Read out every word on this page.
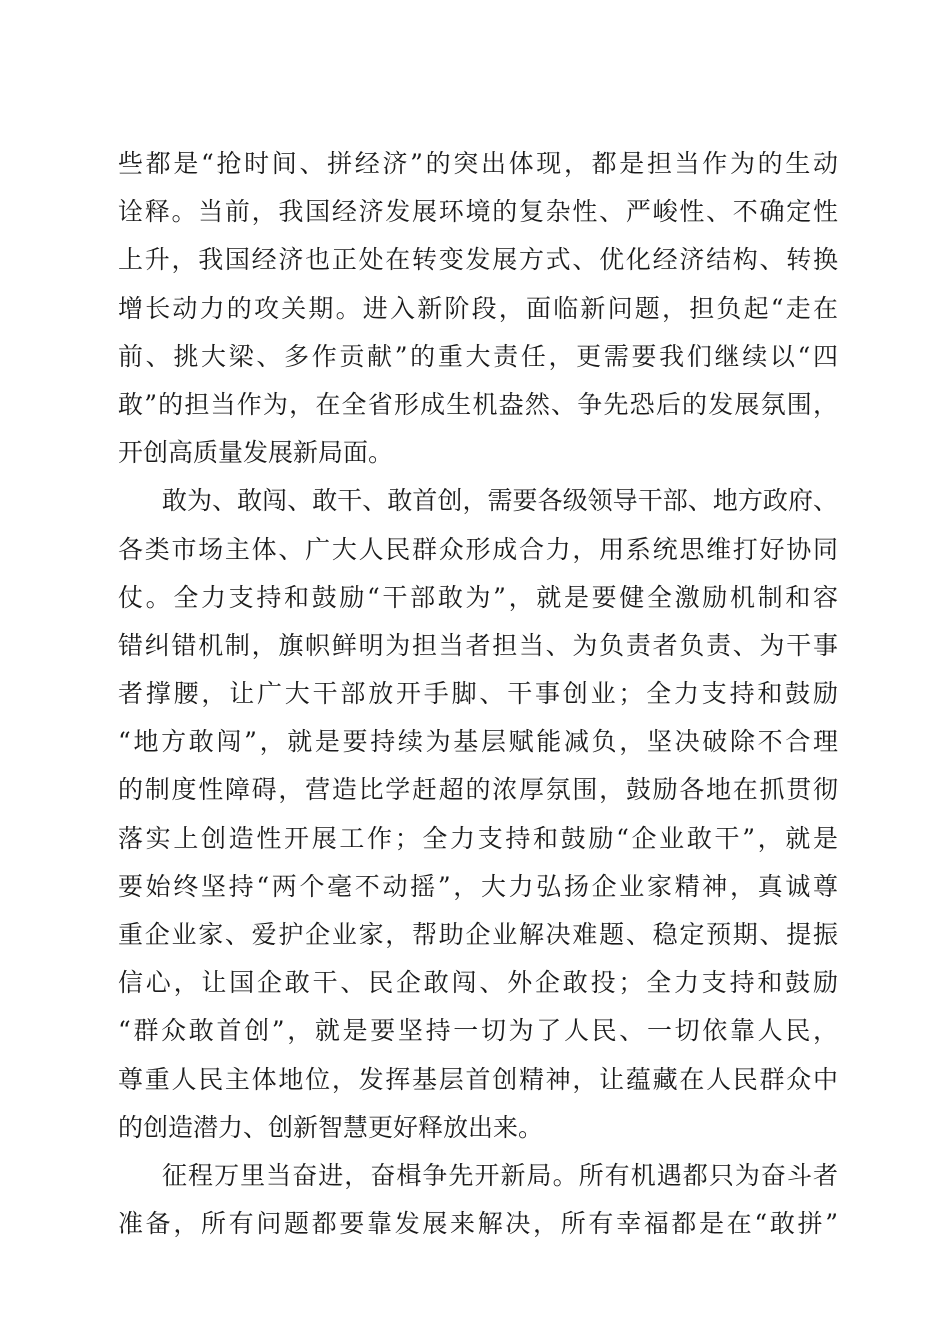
些都是“抢时间、拼经济”的突出体现，都是担当作为的生动
诠释。当前，我国经济发展环境的复杂性、严峻性、不确定性
上升，我国经济也正处在转变发展方式、优化经济结构、转换
增长动力的攻关期。进入新阶段，面临新问题，担负起“走在
前、挑大梁、多作贡献”的重大责任，更需要我们继续以“四
敢”的担当作为，在全省形成生机盎然、争先恐后的发展氛围，
开创高质量发展新局面。
敢为、敢闯、敢干、敢首创，需要各级领导干部、地方政府、
各类市场主体、广大人民群众形成合力，用系统思维打好协同
仗。全力支持和鼓励“干部敢为”，就是要健全激励机制和容
错纠错机制，旗帜鲜明为担当者担当、为负责者负责、为干事
者撑腰，让广大干部放开手脚、干事创业；全力支持和鼓励
“地方敢闯”，就是要持续为基层赋能减负，坚决破除不合理
的制度性障碍，营造比学赶超的浓厚氛围，鼓励各地在抓贯彻
落实上创造性开展工作；全力支持和鼓励“企业敢干”，就是
要始终坚持“两个毫不动摇”，大力弘扬企业家精神，真诚尊
重企业家、爱护企业家，帮助企业解决难题、稳定预期、提振
信心，让国企敢干、民企敢闯、外企敢投；全力支持和鼓励
“群众敢首创”，就是要坚持一切为了人民、一切依靠人民，
尊重人民主体地位，发挥基层首创精神，让蕴藏在人民群众中
的创造潜力、创新智慧更好释放出来。
征程万里当奋进，奋楫争先开新局。所有机遇都只为奋斗者
准备，所有问题都要靠发展来解决，所有幸福都是在“敢拼”
